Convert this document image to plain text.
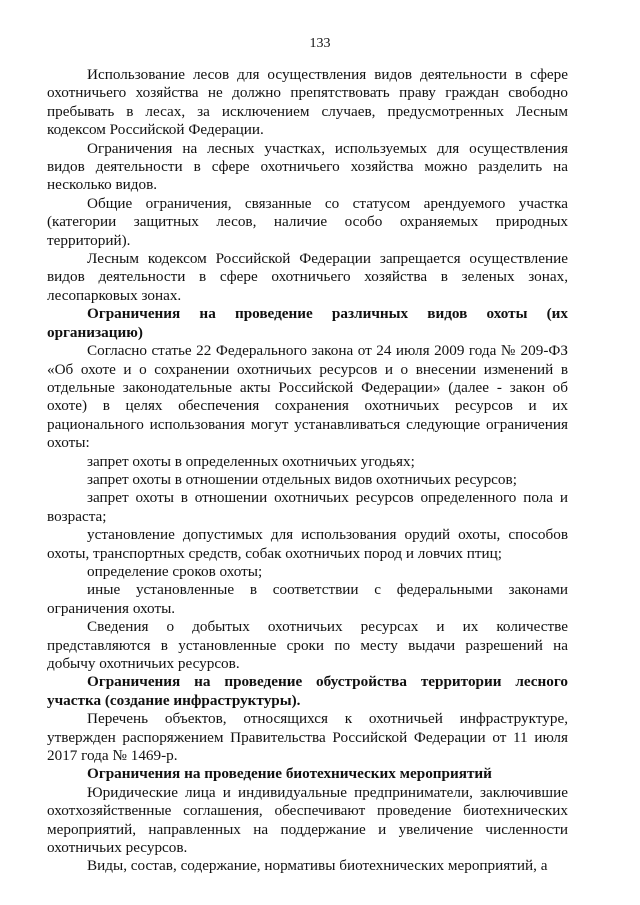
133

Использование лесов для осуществления видов деятельности в сфере охотничьего хозяйства не должно препятствовать праву граждан свободно пребывать в лесах, за исключением случаев, предусмотренных Лесным кодексом Российской Федерации.

Ограничения на лесных участках, используемых для осуществления видов деятельности в сфере охотничьего хозяйства можно разделить на несколько видов.

Общие ограничения, связанные со статусом арендуемого участка (категории защитных лесов, наличие особо охраняемых природных территорий).

Лесным кодексом Российской Федерации запрещается осуществление видов деятельности в сфере охотничьего хозяйства в зеленых зонах, лесопарковых зонах.

Ограничения на проведение различных видов охоты (их организацию)

Согласно статье 22 Федерального закона от 24 июля 2009 года № 209-ФЗ «Об охоте и о сохранении охотничьих ресурсов и о внесении изменений в отдельные законодательные акты Российской Федерации» (далее - закон об охоте) в целях обеспечения сохранения охотничьих ресурсов и их рационального использования могут устанавливаться следующие ограничения охоты:

запрет охоты в определенных охотничьих угодьях;

запрет охоты в отношении отдельных видов охотничьих ресурсов;

запрет охоты в отношении охотничьих ресурсов определенного пола и возраста;

установление допустимых для использования орудий охоты, способов охоты, транспортных средств, собак охотничьих пород и ловчих птиц;

определение сроков охоты;

иные установленные в соответствии с федеральными законами ограничения охоты.

Сведения о добытых охотничьих ресурсах и их количестве представляются в установленные сроки по месту выдачи разрешений на добычу охотничьих ресурсов.

Ограничения на проведение обустройства территории лесного участка (создание инфраструктуры).

Перечень объектов, относящихся к охотничьей инфраструктуре, утвержден распоряжением Правительства Российской Федерации от 11 июля 2017 года № 1469-р.

Ограничения на проведение биотехнических мероприятий

Юридические лица и индивидуальные предприниматели, заключившие охотхозяйственные соглашения, обеспечивают проведение биотехнических мероприятий, направленных на поддержание и увеличение численности охотничьих ресурсов.

Виды, состав, содержание, нормативы биотехнических мероприятий, а
